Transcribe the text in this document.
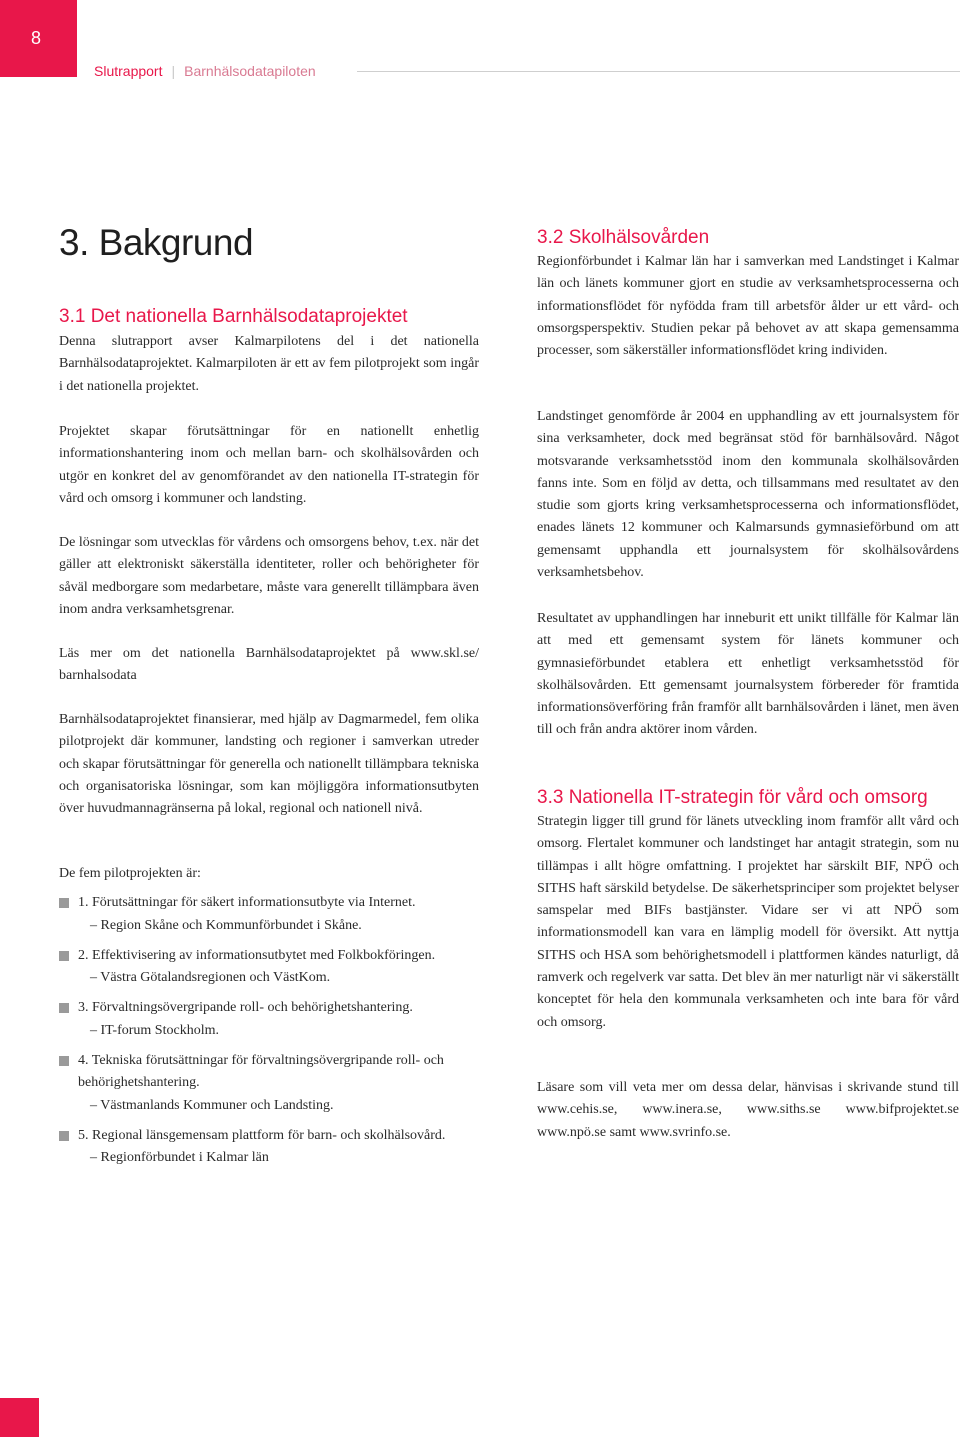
8
Slutrapport | Barnhälsodatapiloten
3. Bakgrund
3.1 Det nationella Barnhälsodataprojektet

Denna slutrapport avser Kalmarpilotens del i det nationella Barnhälsodataprojektet. Kalmarpiloten är ett av fem pilotprojekt som ingår i det nationella projektet.

Projektet skapar förutsättningar för en nationellt enhetlig informationshantering inom och mellan barn- och skolhälsovården och utgör en konkret del av genomförandet av den nationella IT-strategin för vård och omsorg i kommuner och landsting.

De lösningar som utvecklas för vårdens och omsorgens behov, t.ex. när det gäller att elektroniskt säkerställa identiteter, roller och behörigheter för såväl medborgare som medarbetare, måste vara generellt tillämpbara även inom andra verksamhetsgrenar.

Läs mer om det nationella Barnhälsodataprojektet på www.skl.se/ barnhalsodata

Barnhälsodataprojektet finansierar, med hjälp av Dagmarmedel, fem olika pilotprojekt där kommuner, landsting och regioner i samverkan utreder och skapar förutsättningar för generella och nationellt tillämpbara tekniska och organisatoriska lösningar, som kan möjliggöra informationsutbyten över huvudmannagränserna på lokal, regional och nationell nivå.

De fem pilotprojekten är:

1. Förutsättningar för säkert informationsutbyte via Internet.
– Region Skåne och Kommunförbundet i Skåne.
2. Effektivisering av informationsutbytet med Folkbokföringen.
– Västra Götalandsregionen och VästKom.
3. Förvaltningsövergripande roll- och behörighetshantering.
– IT-forum Stockholm.
4. Tekniska förutsättningar för förvaltningsövergripande roll- och behörighetshantering.
– Västmanlands Kommuner och Landsting.
5. Regional länsgemensam plattform för barn- och skolhälsovård.
– Regionförbundet i Kalmar län
3.2 Skolhälsovården

Regionförbundet i Kalmar län har i samverkan med Landstinget i Kalmar län och länets kommuner gjort en studie av verksamhetsprocesserna och informationsflödet för nyfödda fram till arbetsför ålder ur ett vård- och omsorgsperspektiv. Studien pekar på behovet av att skapa gemensamma processer, som säkerställer informationsflödet kring individen.

Landstinget genomförde år 2004 en upphandling av ett journalsystem för sina verksamheter, dock med begränsat stöd för barnhälsovård. Något motsvarande verksamhetsstöd inom den kommunala skolhälsovården fanns inte. Som en följd av detta, och tillsammans med resultatet av den studie som gjorts kring verksamhetsprocesserna och informationsflödet, enades länets 12 kommuner och Kalmarsunds gymnasieförbund om att gemensamt upphandla ett journalsystem för skolhälsovårdens verksamhetsbehov.

Resultatet av upphandlingen har inneburit ett unikt tillfälle för Kalmar län att med ett gemensamt system för länets kommuner och gymnasieförbundet etablera ett enhetligt verksamhetsstöd för skolhälsovården. Ett gemensamt journalsystem förbereder för framtida informationsöverföring från framför allt barnhälsovården i länet, men även till och från andra aktörer inom vården.

3.3 Nationella IT-strategin för vård och omsorg

Strategin ligger till grund för länets utveckling inom framför allt vård och omsorg. Flertalet kommuner och landstinget har antagit strategin, som nu tillämpas i allt högre omfattning. I projektet har särskilt BIF, NPÖ och SITHS haft särskild betydelse. De säkerhetsprinciper som projektet belyser samspelar med BIFs bastjänster. Vidare ser vi att NPÖ som informationsmodell kan vara en lämplig modell för översikt. Att nyttja SITHS och HSA som behörighetsmodell i plattformen kändes naturligt, då ramverk och regelverk var satta. Det blev än mer naturligt när vi säkerställt konceptet för hela den kommunala verksamheten och inte bara för vård och omsorg.

Läsare som vill veta mer om dessa delar, hänvisas i skrivande stund till www.cehis.se, www.inera.se, www.siths.se www.bifprojektet.se www.npö.se samt www.svrinfo.se.
